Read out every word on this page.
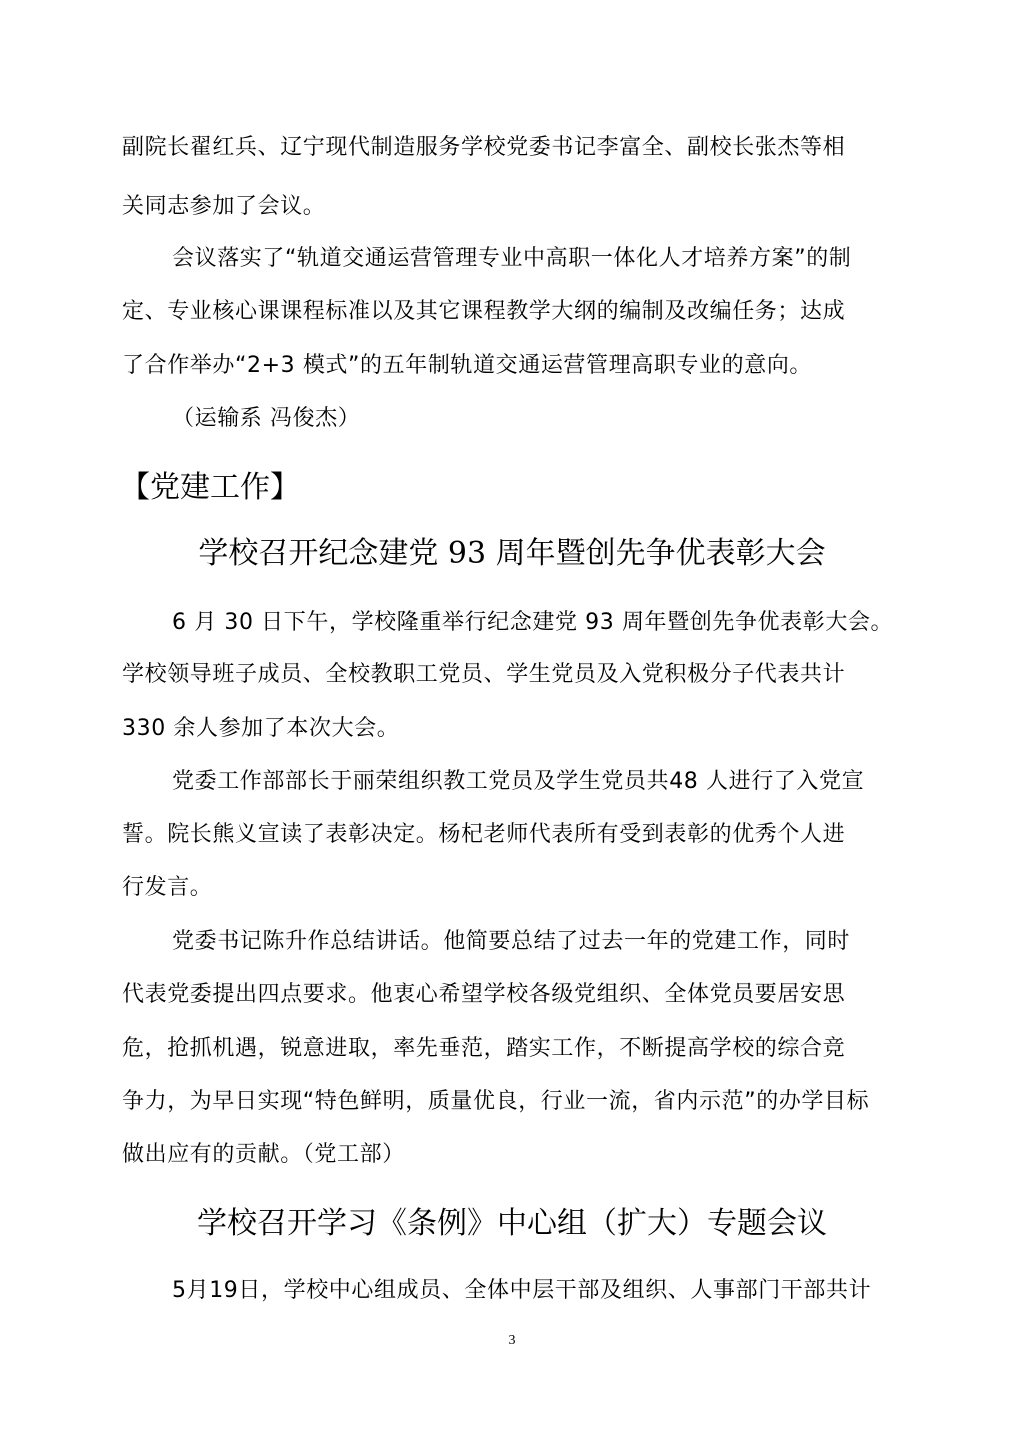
副院长翟红兵、辽宁现代制造服务学校党委书记李富全、副校长张杰等相
关同志参加了会议。
会议落实了“轨道交通运营管理专业中高职一体化人才培养方案”的制
定、专业核心课课程标准以及其它课程教学大纲的编制及改编任务；达成
了合作举办“2+3 模式”的五年制轨道交通运营管理高职专业的意向。
（运输系 冯俊杰）
【党建工作】
学校召开纪念建党 93 周年暨创先争优表彰大会
6 月 30 日下午，学校隆重举行纪念建党 93 周年暨创先争优表彰大会。
学校领导班子成员、全校教职工党员、学生党员及入党积极分子代表共计
330 余人参加了本次大会。
党委工作部部长于丽荣组织教工党员及学生党员共48 人进行了入党宣
誓。院长熊义宣读了表彰决定。杨杞老师代表所有受到表彰的优秀个人进
行发言。
党委书记陈升作总结讲话。他简要总结了过去一年的党建工作，同时
代表党委提出四点要求。他衷心希望学校各级党组织、全体党员要居安思
危，抢抓机遇，锐意进取，率先垂范，踏实工作，不断提高学校的综合竞
争力，为早日实现“特色鲜明，质量优良，行业一流，省内示范”的办学目标
做出应有的贡献。（党工部）
学校召开学习《条例》中心组（扩大）专题会议
5月19日，学校中心组成员、全体中层干部及组织、人事部门干部共计
3
